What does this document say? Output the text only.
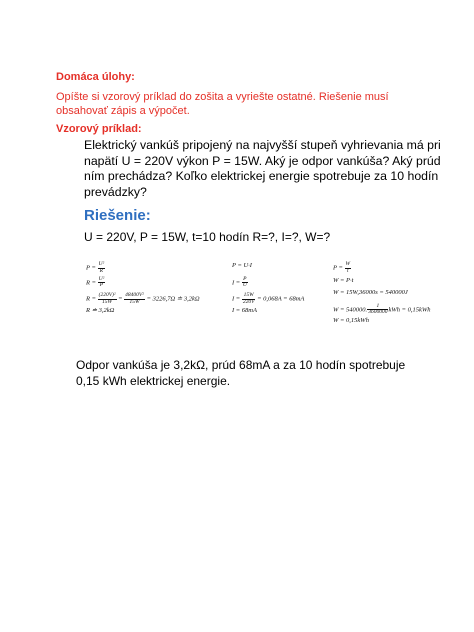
Domáca úlohy:
Opíšte si vzorový príklad do zošita a vyriešte ostatné. Riešenie musí obsahovať zápis a výpočet.
Vzorový príklad:
Elektrický vankúš pripojený na najvyšší stupeň vyhrievania má pri napätí U = 220V výkon P = 15W. Aký je odpor vankúša? Aký prúd ním prechádza? Koľko elektrickej energie spotrebuje za 10 hodín prevádzky?
Riešenie:
U = 220V, P = 15W, t=10 hodín R=?, I=?, W=?
$P = \frac{\text{U²}}{R}$
$R = \frac{\text{U²}}{P}$
$R = \frac{\text{(220V)²}}{15W} = \frac{\text{48400V²}}{15W} = 3226,7\Omega$ ≐ 3,2kΩ
R ≐ 3,2kΩ
P = U·I
$I = \frac{P}{U}$
$I = \frac{15W}{220V} = 0,068A = 68mA$
I = 68mA
$P = \frac{W}{t}$
W = P·t
W = 15W,36000s = 540000J
W = 540000. $\frac{1}{3600000}$ kWh = 0,15kWh
W = 0,15kWh
Odpor vankúša je 3,2kΩ, prúd 68mA a za 10 hodín spotrebuje 0,15 kWh elektrickej energie.
